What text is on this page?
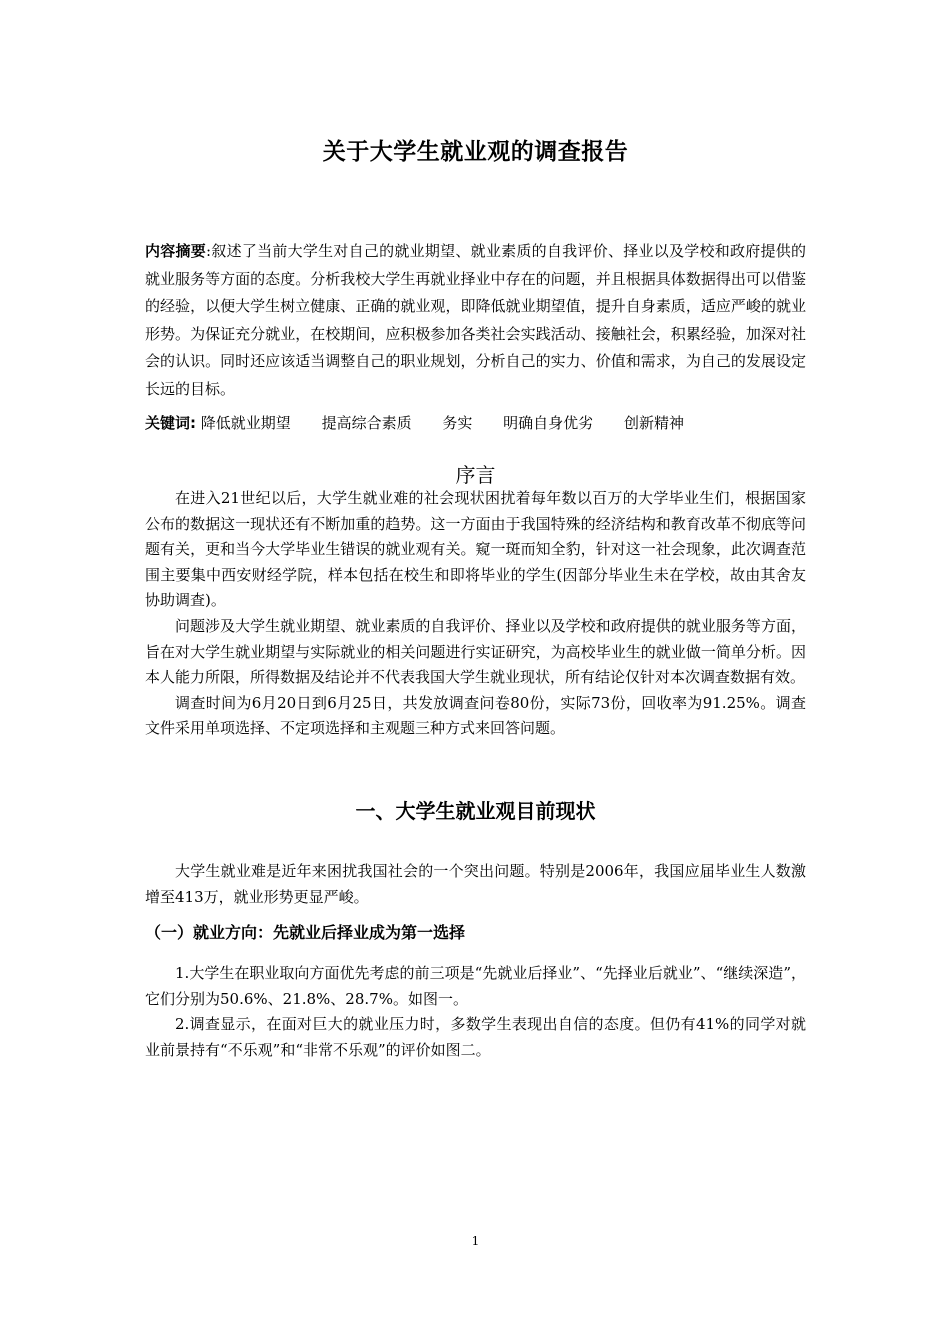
关于大学生就业观的调查报告
内容摘要:叙述了当前大学生对自己的就业期望、就业素质的自我评价、择业以及学校和政府提供的就业服务等方面的态度。分析我校大学生再就业择业中存在的问题，并且根据具体数据得出可以借鉴的经验，以便大学生树立健康、正确的就业观，即降低就业期望值，提升自身素质，适应严峻的就业形势。为保证充分就业，在校期间，应积极参加各类社会实践活动、接触社会，积累经验，加深对社会的认识。同时还应该适当调整自己的职业规划，分析自己的实力、价值和需求，为自己的发展设定长远的目标。
关键词: 降低就业期望 提高综合素质 务实 明确自身优劣 创新精神
序言

在进入21世纪以后，大学生就业难的社会现状困扰着每年数以百万的大学毕业生们，根据国家公布的数据这一现状还有不断加重的趋势。这一方面由于我国特殊的经济结构和教育改革不彻底等问题有关，更和当今大学毕业生错误的就业观有关。窥一斑而知全豹，针对这一社会现象，此次调查范围主要集中西安财经学院，样本包括在校生和即将毕业的学生(因部分毕业生未在学校，故由其舍友协助调查)。

问题涉及大学生就业期望、就业素质的自我评价、择业以及学校和政府提供的就业服务等方面，旨在对大学生就业期望与实际就业的相关问题进行实证研究，为高校毕业生的就业做一简单分析。因本人能力所限，所得数据及结论并不代表我国大学生就业现状，所有结论仅针对本次调查数据有效。

调查时间为6月20日到6月25日，共发放调查问卷80份，实际73份，回收率为91.25%。调查文件采用单项选择、不定项选择和主观题三种方式来回答问题。

一、大学生就业观目前现状

大学生就业难是近年来困扰我国社会的一个突出问题。特别是2006年，我国应届毕业生人数激增至413万，就业形势更显严峻。

（一）就业方向：先就业后择业成为第一选择

1.大学生在职业取向方面优先考虑的前三项是“先就业后择业”、“先择业后就业”、“继续深造”，它们分别为50.6%、21.8%、28.7%。如图一。

2.调查显示，在面对巨大的就业压力时，多数学生表现出自信的态度。但仍有41%的同学对就业前景持有“不乐观”和“非常不乐观”的评价如图二。

1
